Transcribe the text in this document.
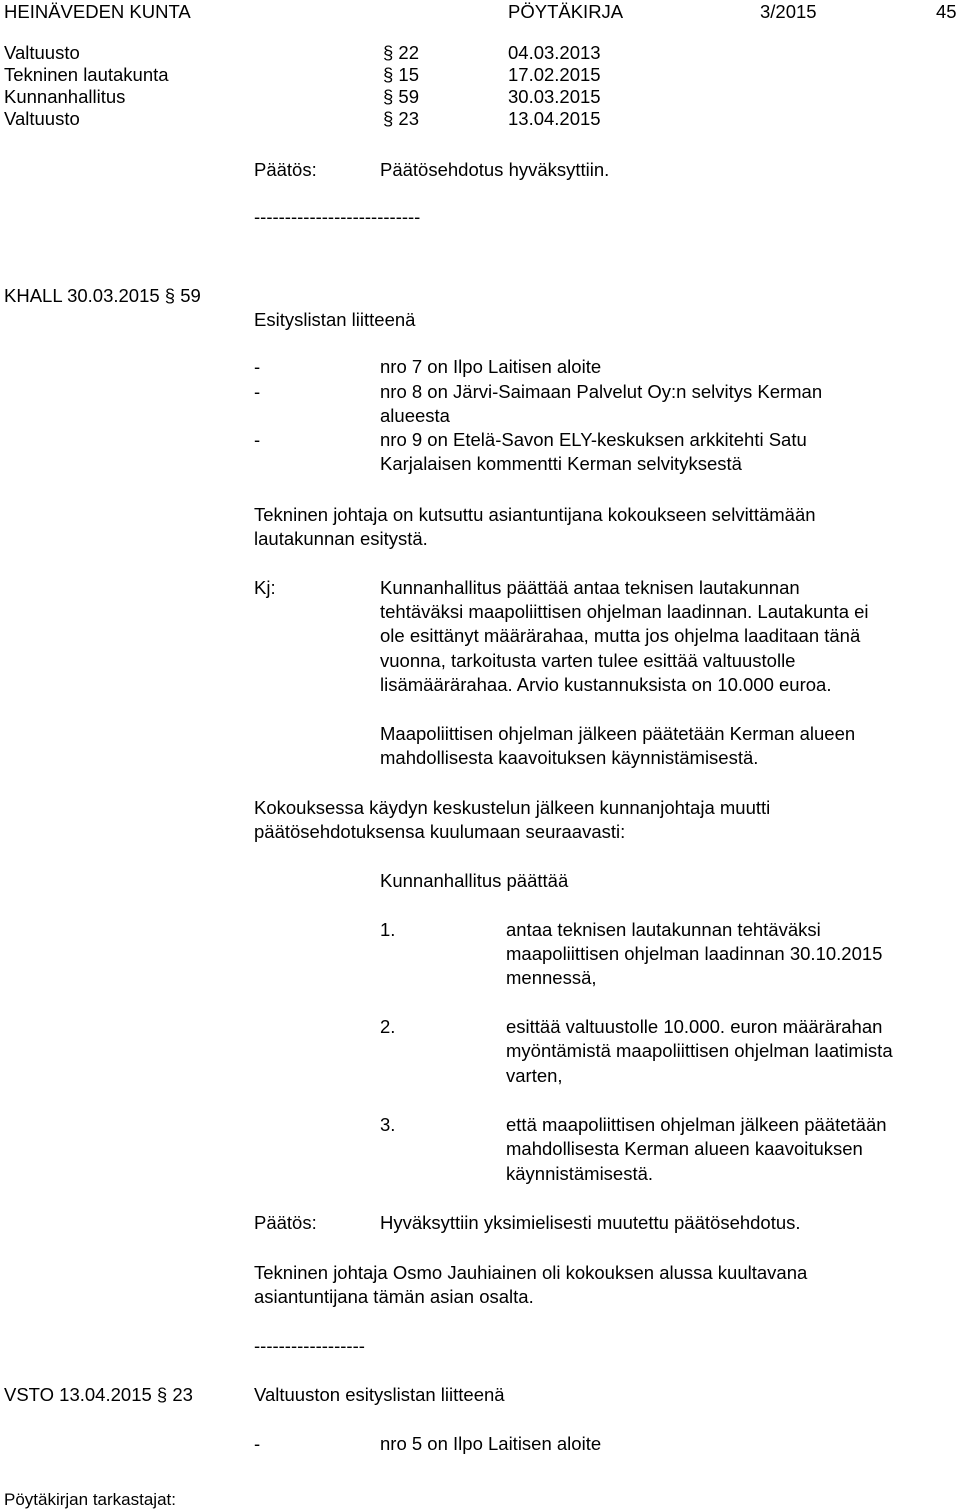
HEINÄVEDEN KUNTA	PÖYTÄKIRJA	3/2015	45
Valtuusto	§ 22	04.03.2013
Tekninen lautakunta	§ 15	17.02.2015
Kunnanhallitus	§ 59	30.03.2015
Valtuusto	§ 23	13.04.2015
Päätös:	Päätösehdotus hyväksyttiin.
---------------------------
KHALL 30.03.2015 § 59
Esityslistan liitteenä
-	nro 7 on Ilpo Laitisen aloite
-	nro 8 on Järvi-Saimaan Palvelut Oy:n selvitys Kerman
alueesta
-	nro 9 on Etelä-Savon ELY-keskuksen arkkitehti Satu
Karjalaisen kommentti Kerman selvityksestä
Tekninen johtaja on kutsuttu asiantuntijana kokoukseen selvittämään
lautakunnan esitystä.
Kj:	Kunnanhallitus päättää antaa teknisen lautakunnan
tehtäväksi maapoliittisen ohjelman laadinnan. Lautakunta ei
ole esittänyt määrärahaa, mutta jos ohjelma laaditaan tänä
vuonna, tarkoitusta varten tulee esittää valtuustolle
lisämäärärahaa. Arvio kustannuksista on 10.000 euroa.
Maapoliittisen ohjelman jälkeen päätetään Kerman alueen
mahdollisesta kaavoituksen käynnistämisestä.
Kokouksessa käydyn keskustelun jälkeen kunnanjohtaja muutti
päätösehdotuksensa kuulumaan seuraavasti:
Kunnanhallitus päättää
1.	antaa teknisen lautakunnan tehtäväksi
maapoliittisen ohjelman laadinnan 30.10.2015
mennessä,
2.	esittää valtuustolle 10.000. euron määrärahan
myöntämistä maapoliittisen ohjelman laatimista
varten,
3.	että maapoliittisen ohjelman jälkeen päätetään
mahdollisesta Kerman alueen kaavoituksen
käynnistämisestä.
Päätös:	Hyväksyttiin yksimielisesti muutettu päätösehdotus.
Tekninen johtaja Osmo Jauhiainen oli kokouksen alussa kuultavana
asiantuntijana tämän asian osalta.
------------------
VSTO 13.04.2015 § 23	Valtuuston esityslistan liitteenä
-	nro 5 on Ilpo Laitisen aloite
Pöytäkirjan tarkastajat:
